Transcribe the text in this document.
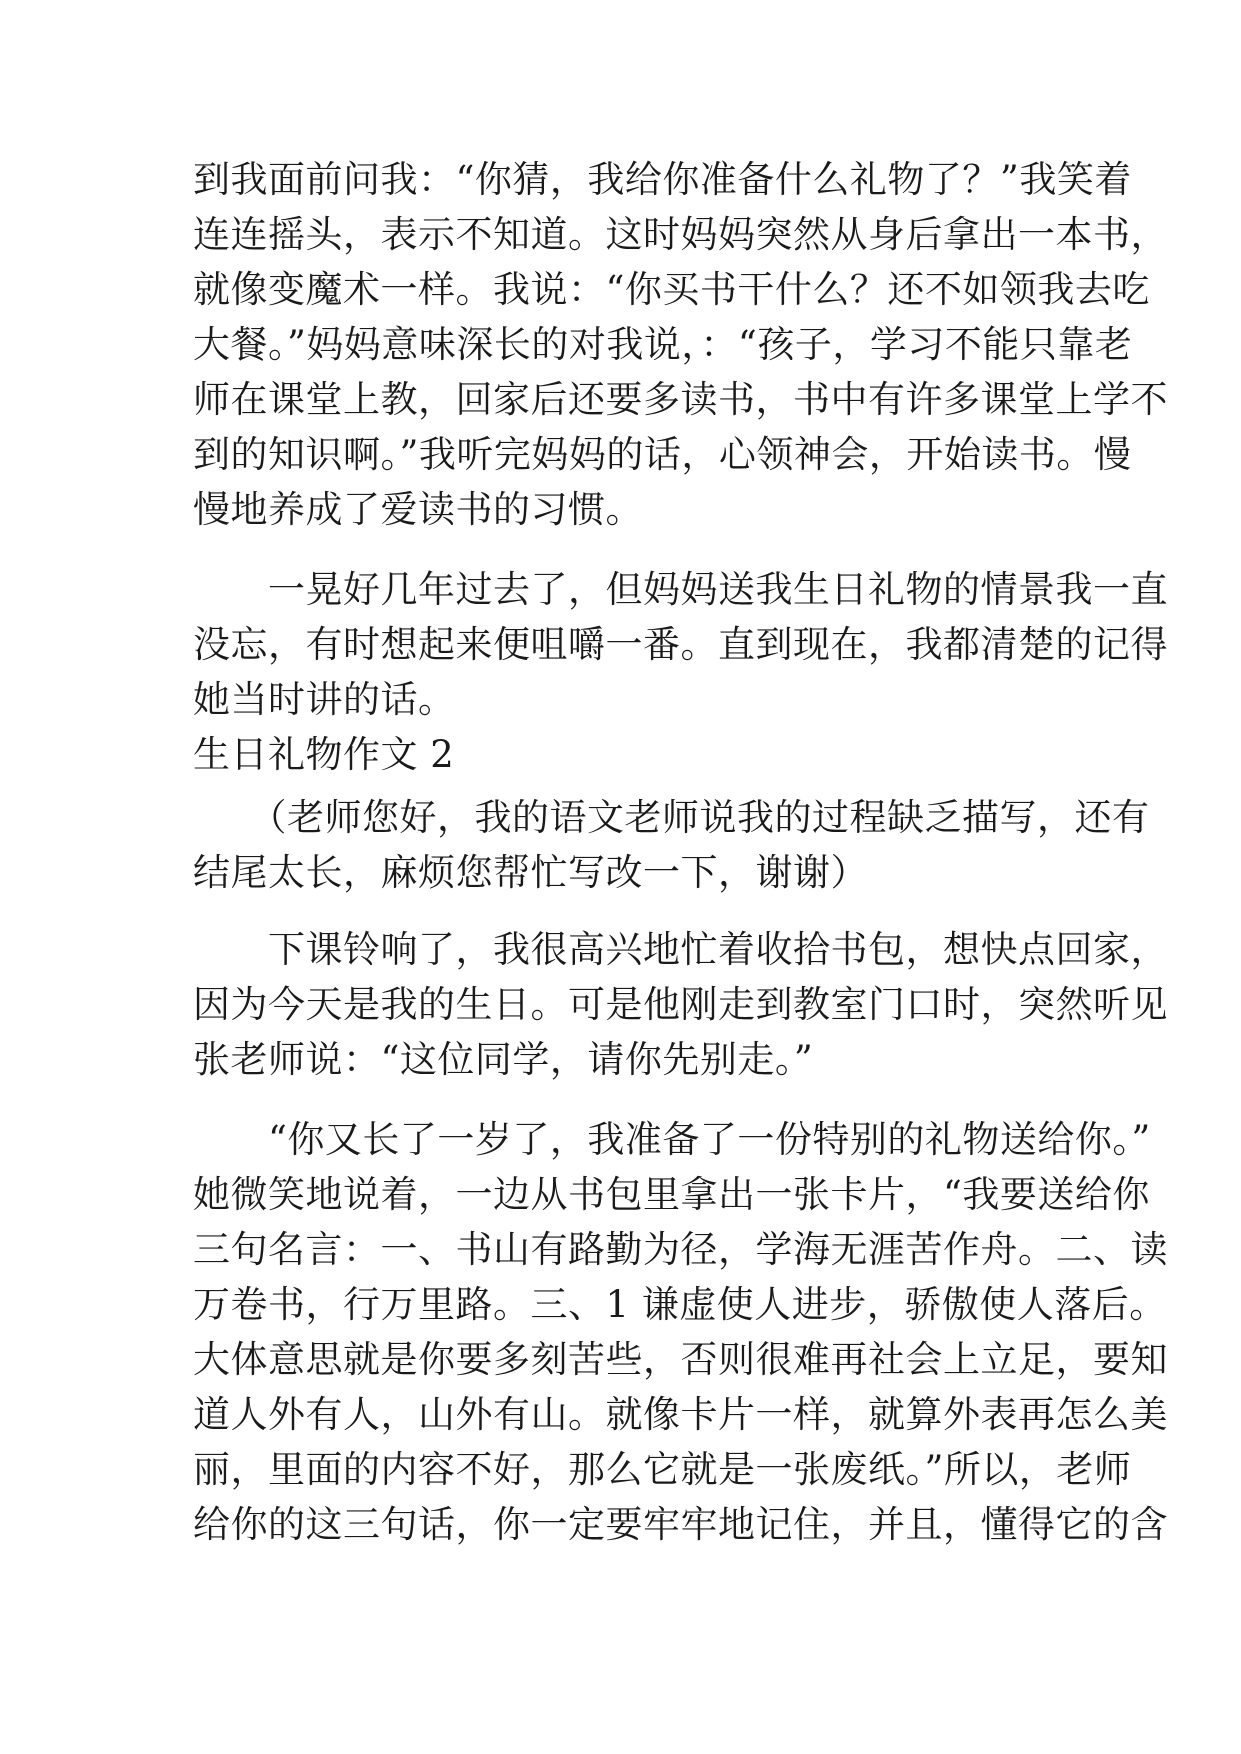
到我面前问我：“你猜，我给你准备什么礼物了？”我笑着
连连摇头，表示不知道。这时妈妈突然从身后拿出一本书，
就像变魔术一样。我说：“你买书干什么？还不如领我去吃
大餐。”妈妈意味深长的对我说，：“孩子，学习不能只靠老
师在课堂上教，回家后还要多读书，书中有许多课堂上学不
到的知识啊。”我听完妈妈的话，心领神会，开始读书。慢
慢地养成了爱读书的习惯。
　　一晃好几年过去了，但妈妈送我生日礼物的情景我一直
没忘，有时想起来便咀嚼一番。直到现在，我都清楚的记得
她当时讲的话。
生日礼物作文 2
　　（老师您好，我的语文老师说我的过程缺乏描写，还有
结尾太长，麻烦您帮忙写改一下，谢谢）
　　下课铃响了，我很高兴地忙着收拾书包，想快点回家，
因为今天是我的生日。可是他刚走到教室门口时，突然听见
张老师说：“这位同学，请你先别走。”
　　“你又长了一岁了，我准备了一份特别的礼物送给你。”
她微笑地说着，一边从书包里拿出一张卡片，“我要送给你
三句名言：一、书山有路勤为径，学海无涯苦作舟。二、读
万卷书，行万里路。三、1 谦虚使人进步，骄傲使人落后。
大体意思就是你要多刻苦些，否则很难再社会上立足，要知
道人外有人，山外有山。就像卡片一样，就算外表再怎么美
丽，里面的内容不好，那么它就是一张废纸。”所以，老师
给你的这三句话，你一定要牢牢地记住，并且，懂得它的含
